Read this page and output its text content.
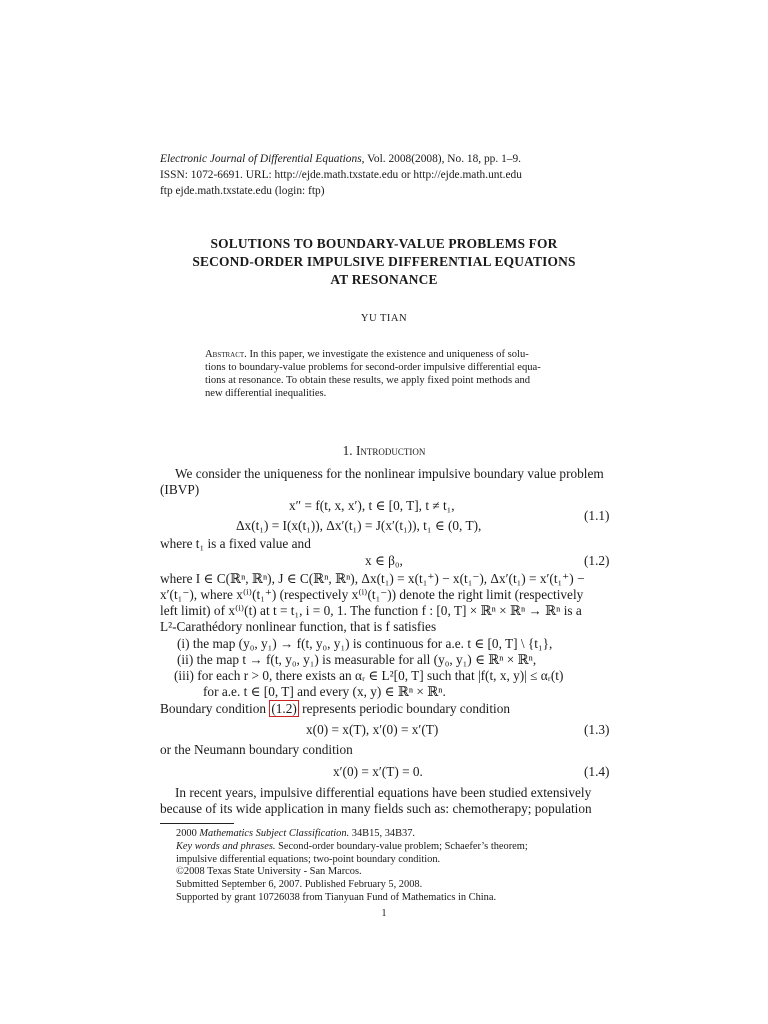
Electronic Journal of Differential Equations, Vol. 2008(2008), No. 18, pp. 1–9.
ISSN: 1072-6691. URL: http://ejde.math.txstate.edu or http://ejde.math.unt.edu
ftp ejde.math.txstate.edu (login: ftp)
SOLUTIONS TO BOUNDARY-VALUE PROBLEMS FOR
SECOND-ORDER IMPULSIVE DIFFERENTIAL EQUATIONS
AT RESONANCE
YU TIAN
Abstract. In this paper, we investigate the existence and uniqueness of solu-
tions to boundary-value problems for second-order impulsive differential equa-
tions at resonance. To obtain these results, we apply fixed point methods and
new differential inequalities.
1. Introduction
We consider the uniqueness for the nonlinear impulsive boundary value problem
(IBVP)
x″ = f(t, x, x′), t ∈ [0, T], t ≠ t₁,
Δx(t₁) = I(x(t₁)), Δx′(t₁) = J(x′(t₁)), t₁ ∈ (0, T),
(1.1)
where t₁ is a fixed value and
x ∈ β₀,	(1.2)
where I ∈ C(ℝⁿ, ℝⁿ), J ∈ C(ℝⁿ, ℝⁿ), Δx(t₁) = x(t₁⁺) − x(t₁⁻), Δx′(t₁) = x′(t₁⁺) −
x′(t₁⁻), where x⁽ⁱ⁾(t₁⁺) (respectively x⁽ⁱ⁾(t₁⁻)) denote the right limit (respectively
left limit) of x⁽ⁱ⁾(t) at t = t₁, i = 0, 1. The function f : [0, T] × ℝⁿ × ℝⁿ → ℝⁿ is a
L²-Carathédory nonlinear function, that is f satisfies
(i) the map (y₀, y₁) → f(t, y₀, y₁) is continuous for a.e. t ∈ [0, T] \ {t₁},
(ii) the map t → f(t, y₀, y₁) is measurable for all (y₀, y₁) ∈ ℝⁿ × ℝⁿ,
(iii) for each r > 0, there exists an αᵣ ∈ L²[0, T] such that |f(t, x, y)| ≤ αᵣ(t)
for a.e. t ∈ [0, T] and every (x, y) ∈ ℝⁿ × ℝⁿ.
Boundary condition (1.2) represents periodic boundary condition
x(0) = x(T), x′(0) = x′(T)	(1.3)
or the Neumann boundary condition
x′(0) = x′(T) = 0.	(1.4)
In recent years, impulsive differential equations have been studied extensively
because of its wide application in many fields such as: chemotherapy; population
2000 Mathematics Subject Classification. 34B15, 34B37.
Key words and phrases. Second-order boundary-value problem; Schaefer’s theorem;
impulsive differential equations; two-point boundary condition.
©2008 Texas State University - San Marcos.
Submitted September 6, 2007. Published February 5, 2008.
Supported by grant 10726038 from Tianyuan Fund of Mathematics in China.
1
